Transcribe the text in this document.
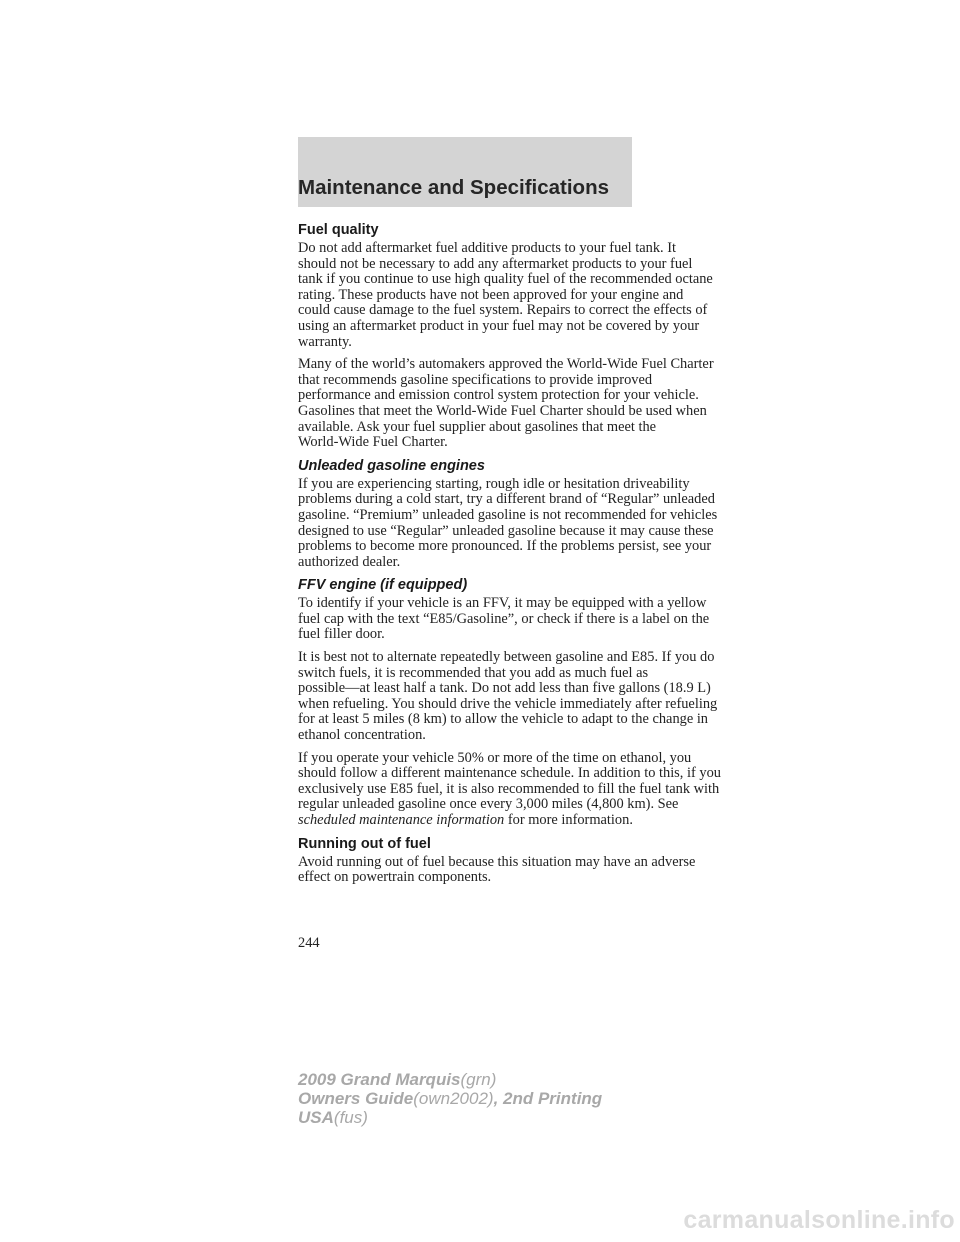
Maintenance and Specifications
Fuel quality

Do not add aftermarket fuel additive products to your fuel tank. It
should not be necessary to add any aftermarket products to your fuel
tank if you continue to use high quality fuel of the recommended octane
rating. These products have not been approved for your engine and
could cause damage to the fuel system. Repairs to correct the effects of
using an aftermarket product in your fuel may not be covered by your
warranty.

Many of the world’s automakers approved the World-Wide Fuel Charter
that recommends gasoline specifications to provide improved
performance and emission control system protection for your vehicle.
Gasolines that meet the World-Wide Fuel Charter should be used when
available. Ask your fuel supplier about gasolines that meet the
World-Wide Fuel Charter.

Unleaded gasoline engines

If you are experiencing starting, rough idle or hesitation driveability
problems during a cold start, try a different brand of “Regular” unleaded
gasoline. “Premium” unleaded gasoline is not recommended for vehicles
designed to use “Regular” unleaded gasoline because it may cause these
problems to become more pronounced. If the problems persist, see your
authorized dealer.

FFV engine (if equipped)

To identify if your vehicle is an FFV, it may be equipped with a yellow
fuel cap with the text “E85/Gasoline”, or check if there is a label on the
fuel filler door.

It is best not to alternate repeatedly between gasoline and E85. If you do
switch fuels, it is recommended that you add as much fuel as
possible—at least half a tank. Do not add less than five gallons (18.9 L)
when refueling. You should drive the vehicle immediately after refueling
for at least 5 miles (8 km) to allow the vehicle to adapt to the change in
ethanol concentration.

If you operate your vehicle 50% or more of the time on ethanol, you
should follow a different maintenance schedule. In addition to this, if you
exclusively use E85 fuel, it is also recommended to fill the fuel tank with
regular unleaded gasoline once every 3,000 miles (4,800 km). See
scheduled maintenance information for more information.

Running out of fuel

Avoid running out of fuel because this situation may have an adverse
effect on powertrain components.

244
2009 Grand Marquis(grn)
Owners Guide(own2002), 2nd Printing
USA(fus)
carmanualsonline.info
